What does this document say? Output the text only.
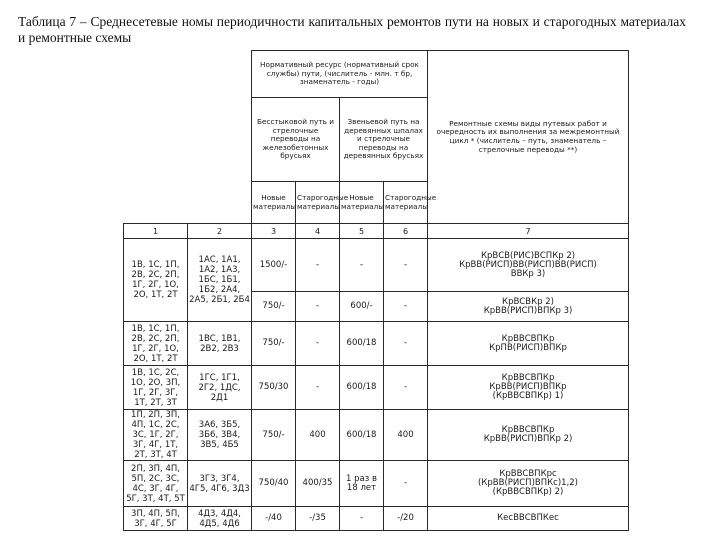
Таблица 7 – Среднесетевые номы периодичности капитальных ремонтов пути на новых и старогодных материалах и ремонтные схемы
		Нормативный ресурс (нормативный срок службы) пути, (числитель - млн. т бр, знаменатель - годы)				Ремонтные схемы виды путевых работ и очередность их выполнения за межремонтный цикл * (числитель – путь, знаменатель – стрелочные переводы **)
		Бесстыковой путь и стрелочные переводы на железобетонных брусьях		Звеньевой путь на деревянных шпалах и стрелочные переводы на деревянных брусьях		
		Новые материалы	Старогодные материалы	Новые материалы	Старогодные материалы	
1	2	3	4	5	6	7
1В, 1С, 1П, 2В, 2С, 2П, 1Г, 2Г, 1О, 2О, 1Т, 2Т	1АС, 1А1, 1А2, 1А3, 1БС, 1Б1, 1Б2, 2А4, 2А5, 2Б1, 2Б4	1500/-	-	-	-	КрВСВ(РИС)ВСПКр 2)
КрВВ(РИСП)ВВ(РИСП)ВВ(РИСП)
ВВКр 3)

		750/-	-	600/-	-	КрВСВКр 2)
КрВВ(РИСП)ВПКр 3)

1В, 1С, 1П, 2В, 2С, 2П, 1Г, 2Г, 1О, 2О, 1Т, 2Т	1ВС, 1В1, 2В2, 2В3	750/-	-	600/18	-	КрВВСВПКр
КрПВ(РИСП)ВПКр

1В, 1С, 2С, 1О, 2О, 3П, 1Г, 2Г, 3Г, 1Т, 2Т, 3Т	1ГС, 1Г1, 2Г2, 1ДС, 2Д1	750/30	-	600/18	-	КрВВСВПКр
КрВВ(РИСП)ВПКр
(КрВВСВПКр) 1)

1П, 2П, 3П, 4П, 1С, 2С, 3С, 1Г, 2Г, 3Г, 4Г, 1Т, 2Т, 3Т, 4Т	3А6, 3Б5, 3Б6, 3В4, 3В5, 4Б5	750/-	400	600/18	400	КрВВСВПКр
КрВВ(РИСП)ВПКр 2)

2П, 3П, 4П, 5П, 2С, 3С, 4С, 3Г, 4Г, 5Г, 3Т, 4Т, 5Т	3Г3, 3Г4, 4Г5, 4Г6, 3Д3	750/40	400/35	1 раз в 18 лет	-	КрВВСВПКрс
(КрВВ(РИСП)ВПКс)1,2)
(КрВВСВПКр) 2)

3П, 4П, 5П, 3Г, 4Г, 5Г	4Д3, 4Д4, 4Д5, 4Д6	-/40	-/35	-	-/20	КесВВСВПКес
